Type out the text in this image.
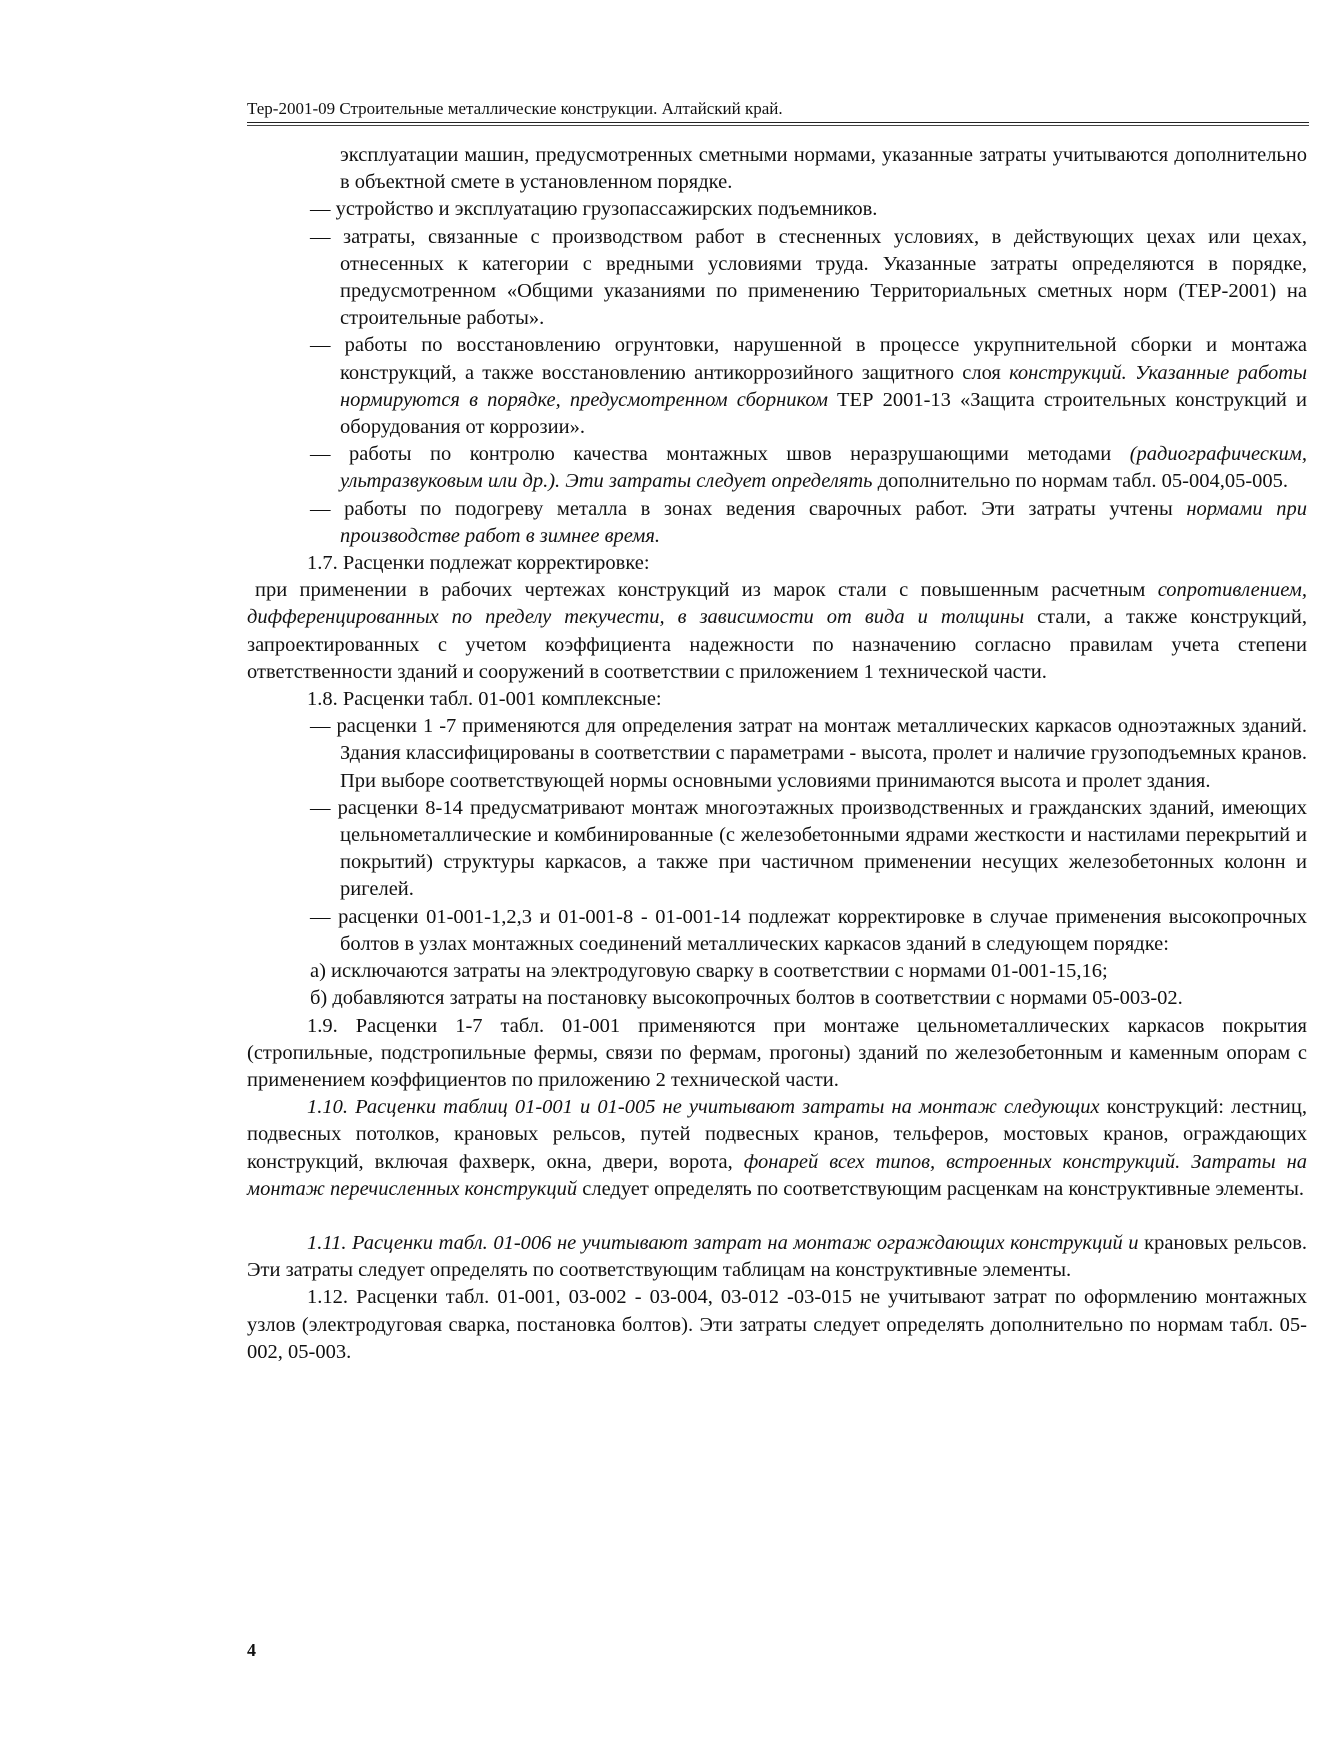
Тер-2001-09 Строительные металлические конструкции. Алтайский край.

эксплуатации машин, предусмотренных сметными нормами, указанные затраты учитываются дополнительно в объектной смете в установленном порядке.

— устройство и эксплуатацию грузопассажирских подъемников.

— затраты, связанные с производством работ в стесненных условиях, в действующих цехах или цехах, отнесенных к категории с вредными условиями труда. Указанные затраты определяются в порядке, предусмотренном «Общими указаниями по применению Территориальных сметных норм (ТЕР-2001) на строительные работы».

— работы по восстановлению огрунтовки, нарушенной в процессе укрупнительной сборки и монтажа конструкций, а также восстановлению антикоррозийного защитного слоя конструкций. Указанные работы нормируются в порядке, предусмотренном сборником ТЕР 2001-13 «Защита строительных конструкций и оборудования от коррозии».

— работы по контролю качества монтажных швов неразрушающими методами (радиографическим, ультразвуковым или др.). Эти затраты следует определять дополнительно по нормам табл. 05-004,05-005.

— работы по подогреву металла в зонах ведения сварочных работ. Эти затраты учтены нормами при производстве работ в зимнее время.

1.7. Расценки подлежат корректировке:

при применении в рабочих чертежах конструкций из марок стали с повышенным расчетным сопротивлением, дифференцированных по пределу текучести, в зависимости от вида и толщины стали, а также конструкций, запроектированных с учетом коэффициента надежности по назначению согласно правилам учета степени ответственности зданий и сооружений в соответствии с приложением 1 технической части.

1.8. Расценки табл. 01-001 комплексные:

— расценки 1 -7 применяются для определения затрат на монтаж металлических каркасов одноэтажных зданий. Здания классифицированы в соответствии с параметрами - высота, пролет и наличие грузоподъемных кранов. При выборе соответствующей нормы основными условиями принимаются высота и пролет здания.

— расценки 8-14 предусматривают монтаж многоэтажных производственных и гражданских зданий, имеющих цельнометаллические и комбинированные (с железобетонными ядрами жесткости и настилами перекрытий и покрытий) структуры каркасов, а также при частичном применении несущих железобетонных колонн и ригелей.

— расценки 01-001-1,2,3 и 01-001-8 - 01-001-14 подлежат корректировке в случае применения высокопрочных болтов в узлах монтажных соединений металлических каркасов зданий в следующем порядке:

а) исключаются затраты на электродуговую сварку в соответствии с нормами 01-001-15,16;

б) добавляются затраты на постановку высокопрочных болтов в соответствии с нормами 05-003-02.

1.9. Расценки 1-7 табл. 01-001 применяются при монтаже цельнометаллических каркасов покрытия (стропильные, подстропильные фермы, связи по фермам, прогоны) зданий по железобетонным и каменным опорам с применением коэффициентов по приложению 2 технической части.

1.10. Расценки таблиц 01-001 и 01-005 не учитывают затраты на монтаж следующих конструкций: лестниц, подвесных потолков, крановых рельсов, путей подвесных кранов, тельферов, мостовых кранов, ограждающих конструкций, включая фахверк, окна, двери, ворота, фонарей всех типов, встроенных конструкций. Затраты на монтаж перечисленных конструкций следует определять по соответствующим расценкам на конструктивные элементы.

1.11. Расценки табл. 01-006 не учитывают затрат на монтаж ограждающих конструкций и крановых рельсов. Эти затраты следует определять по соответствующим таблицам на конструктивные элементы.

1.12. Расценки табл. 01-001, 03-002 - 03-004, 03-012 -03-015 не учитывают затрат по оформлению монтажных узлов (электродуговая сварка, постановка болтов). Эти затраты следует определять дополнительно по нормам табл. 05-002, 05-003.

4
